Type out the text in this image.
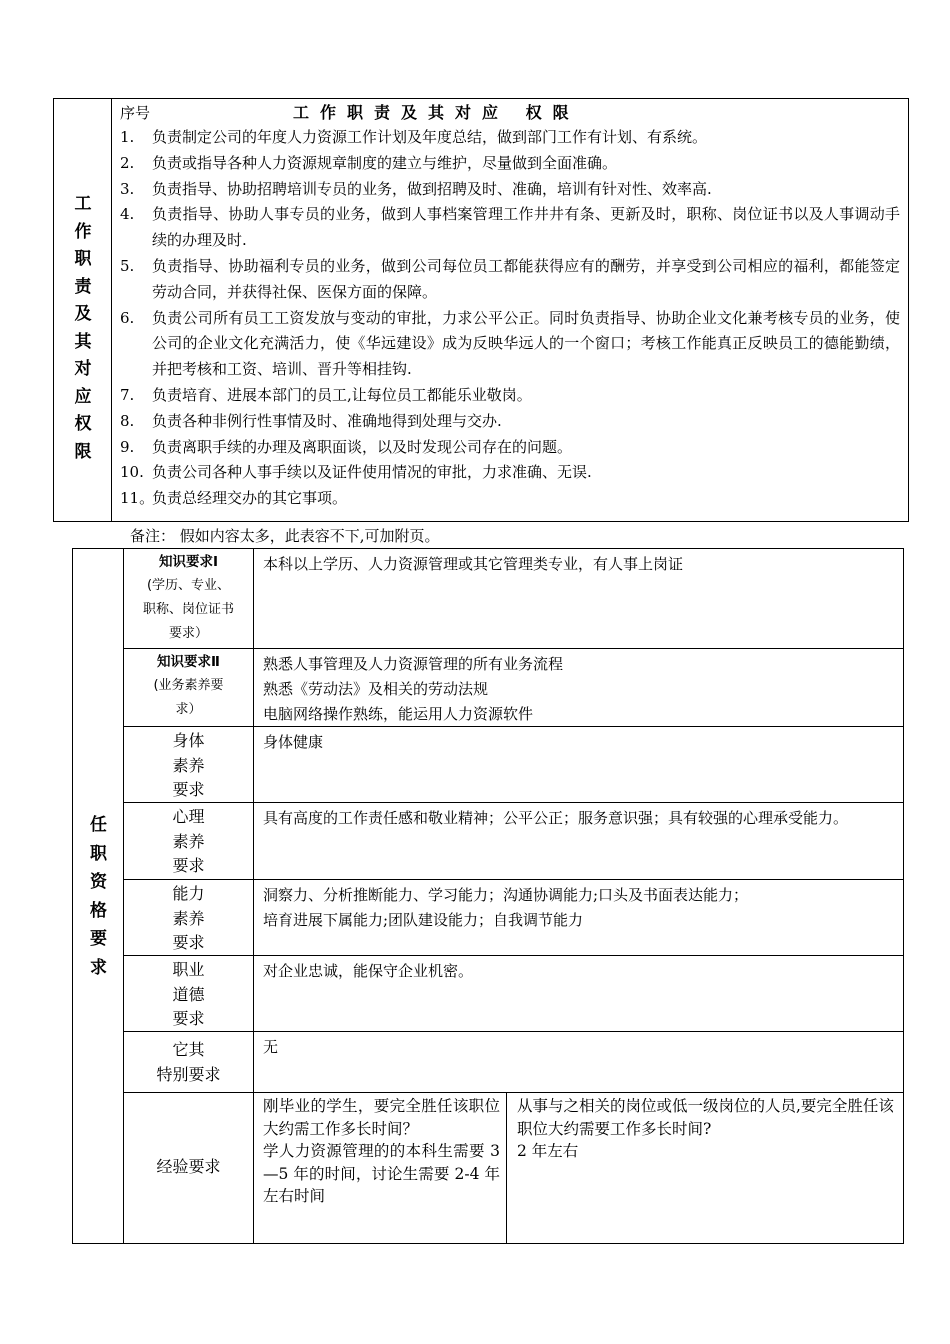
工
作
职
责
及
其
对
应
权
限
序号	工作职责及其对应 权限
1. 负责制定公司的年度人力资源工作计划及年度总结，做到部门工作有计划、有系统。
2. 负责或指导各种人力资源规章制度的建立与维护，尽量做到全面准确。
3. 负责指导、协助招聘培训专员的业务，做到招聘及时、准确，培训有针对性、效率高.
4. 负责指导、协助人事专员的业务，做到人事档案管理工作井井有条、更新及时，职称、岗位证书以及人事调动手续的办理及时.
5. 负责指导、协助福利专员的业务，做到公司每位员工都能获得应有的酬劳，并享受到公司相应的福利，都能签定劳动合同，并获得社保、医保方面的保障。
6. 负责公司所有员工工资发放与变动的审批，力求公平公正。同时负责指导、协助企业文化兼考核专员的业务，使公司的企业文化充满活力，使《华远建设》成为反映华远人的一个窗口；考核工作能真正反映员工的德能勤绩，并把考核和工资、培训、晋升等相挂钩.
7. 负责培育、进展本部门的员工,让每位员工都能乐业敬岗。
8. 负责各种非例行性事情及时、准确地得到处理与交办.
9. 负责离职手续的办理及离职面谈，以及时发现公司存在的问题。
10. 负责公司各种人事手续以及证件使用情况的审批，力求准确、无误.
11。
负责总经理交办的其它事项。
备注： 假如内容太多，此表容不下,可加附页。
任
职
资
格
要
求
知识要求Ⅰ
(学历、专业、
职称、岗位证书
要求）
本科以上学历、人力资源管理或其它管理类专业，有人事上岗证
知识要求Ⅱ
(业务素养要
求）
熟悉人事管理及人力资源管理的所有业务流程
熟悉《劳动法》及相关的劳动法规
电脑网络操作熟练，能运用人力资源软件
身体
素养
要求
身体健康
心理
素养
要求
具有高度的工作责任感和敬业精神；公平公正；服务意识强；具有较强的心理承受能力。
能力
素养
要求
洞察力、分析推断能力、学习能力；沟通协调能力;口头及书面表达能力；
培育进展下属能力;团队建设能力；自我调节能力
职业
道德
要求
对企业忠诚，能保守企业机密。
它其
特别要求
无
经验要求
刚毕业的学生，要完全胜任该职位大约需工作多长时间？
学人力资源管理的的本科生需要 3—5 年的时间，讨论生需要 2-4 年左右时间
从事与之相关的岗位或低一级岗位的人员,要完全胜任该职位大约需要工作多长时间?
2 年左右
